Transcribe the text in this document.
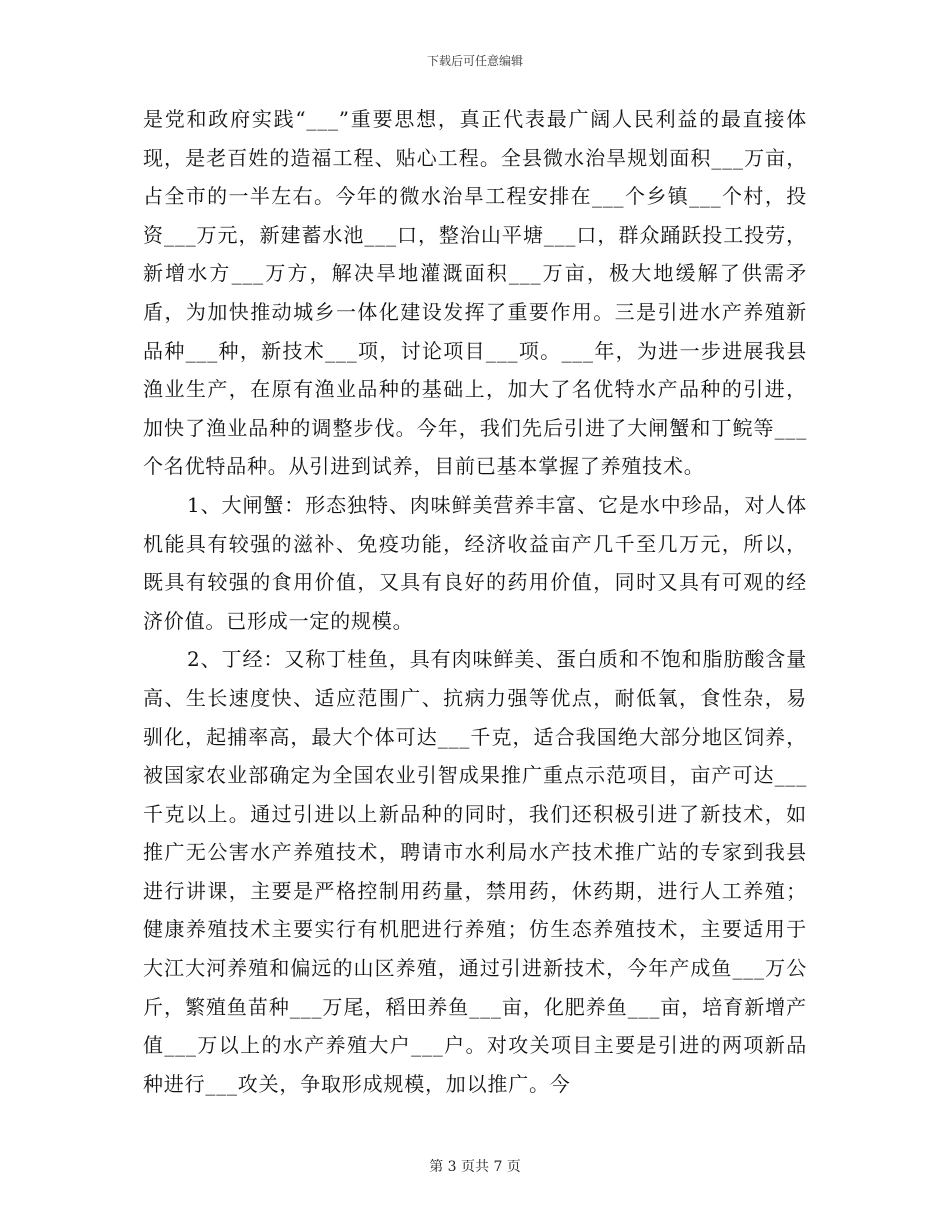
下载后可任意编辑

是党和政府实践“___”重要思想，真正代表最广阔人民利益的最直接体现，是老百姓的造福工程、贴心工程。全县微水治旱规划面积___万亩，占全市的一半左右。今年的微水治旱工程安排在___个乡镇___个村，投资___万元，新建蓄水池___口，整治山平塘___口，群众踊跃投工投劳，新增水方___万方，解决旱地灌溉面积___万亩，极大地缓解了供需矛盾，为加快推动城乡一体化建设发挥了重要作用。三是引进水产养殖新品种___种，新技术___项，讨论项目___项。___年，为进一步进展我县渔业生产，在原有渔业品种的基础上，加大了名优特水产品种的引进，加快了渔业品种的调整步伐。今年，我们先后引进了大闸蟹和丁鲩等___个名优特品种。从引进到试养，目前已基本掌握了养殖技术。

1、大闸蟹：形态独特、肉味鲜美营养丰富、它是水中珍品，对人体机能具有较强的滋补、免疫功能，经济收益亩产几千至几万元，所以，既具有较强的食用价值，又具有良好的药用价值，同时又具有可观的经济价值。已形成一定的规模。

2、丁经：又称丁桂鱼，具有肉味鲜美、蛋白质和不饱和脂肪酸含量高、生长速度快、适应范围广、抗病力强等优点，耐低氧，食性杂，易驯化，起捕率高，最大个体可达___千克，适合我国绝大部分地区饲养，被国家农业部确定为全国农业引智成果推广重点示范项目，亩产可达___千克以上。通过引进以上新品种的同时，我们还积极引进了新技术，如推广无公害水产养殖技术，聘请市水利局水产技术推广站的专家到我县进行讲课，主要是严格控制用药量，禁用药，休药期，进行人工养殖；健康养殖技术主要实行有机肥进行养殖；仿生态养殖技术，主要适用于大江大河养殖和偏远的山区养殖，通过引进新技术，今年产成鱼___万公斤，繁殖鱼苗种___万尾，稻田养鱼___亩，化肥养鱼___亩，培育新增产值___万以上的水产养殖大户___户。对攻关项目主要是引进的两项新品种进行___攻关，争取形成规模，加以推广。今

第 3 页共 7 页
